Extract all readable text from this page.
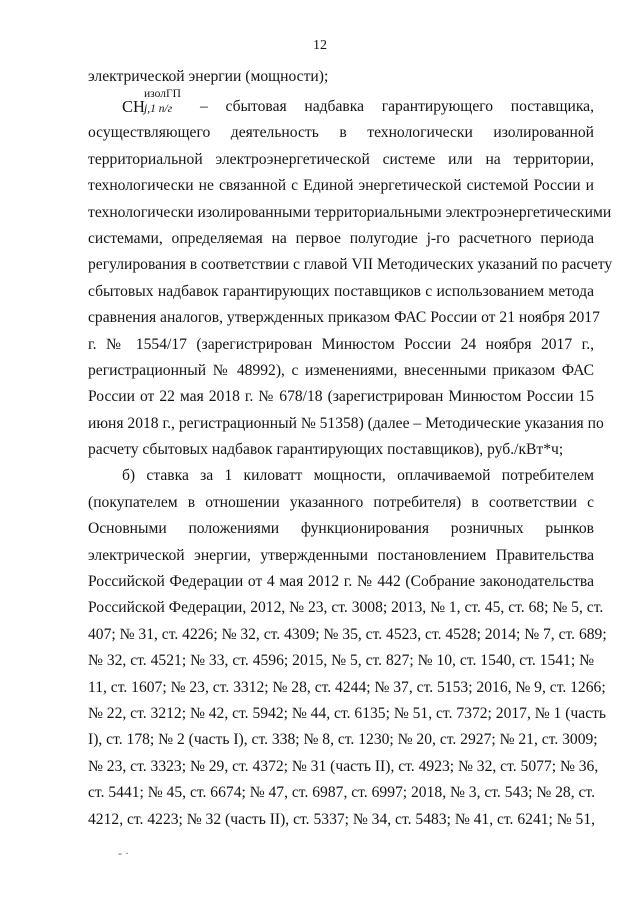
12
электрической энергии (мощности);
СН
изолГП
j,1 п/г – сбытовая надбавка гарантирующего поставщика,
осуществляющего деятельность в технологически изолированной
территориальной электроэнергетической системе или на территории,
технологически не связанной с Единой энергетической системой России и
технологически изолированными территориальными электроэнергетическими
системами, определяемая на первое полугодие j-го расчетного периода
регулирования в соответствии с главой VII Методических указаний по расчету
сбытовых надбавок гарантирующих поставщиков с использованием метода
сравнения аналогов, утвержденных приказом ФАС России от 21 ноября 2017
г. № 1554/17 (зарегистрирован Минюстом России 24 ноября 2017 г.,
регистрационный № 48992), с изменениями, внесенными приказом ФАС
России от 22 мая 2018 г. № 678/18 (зарегистрирован Минюстом России 15
июня 2018 г., регистрационный № 51358) (далее – Методические указания по
расчету сбытовых надбавок гарантирующих поставщиков), руб./кВт*ч;
б) ставка за 1 киловатт мощности, оплачиваемой потребителем
(покупателем в отношении указанного потребителя) в соответствии с
Основными положениями функционирования розничных рынков
электрической энергии, утвержденными постановлением Правительства
Российской Федерации от 4 мая 2012 г. № 442 (Собрание законодательства
Российской Федерации, 2012, № 23, ст. 3008; 2013, № 1, ст. 45, ст. 68; № 5, ст.
407; № 31, ст. 4226; № 32, ст. 4309; № 35, ст. 4523, ст. 4528; 2014; № 7, ст. 689;
№ 32, ст. 4521; № 33, ст. 4596; 2015, № 5, ст. 827; № 10, ст. 1540, ст. 1541; №
11, ст. 1607; № 23, ст. 3312; № 28, ст. 4244; № 37, ст. 5153; 2016, № 9, ст. 1266;
№ 22, ст. 3212; № 42, ст. 5942; № 44, ст. 6135; № 51, ст. 7372; 2017, № 1 (часть
I), ст. 178; № 2 (часть I), ст. 338; № 8, ст. 1230; № 20, ст. 2927; № 21, ст. 3009;
№ 23, ст. 3323; № 29, ст. 4372; № 31 (часть II), ст. 4923; № 32, ст. 5077; № 36,
ст. 5441; № 45, ст. 6674; № 47, ст. 6987, ст. 6997; 2018, № 3, ст. 543; № 28, ст.
4212, ст. 4223; № 32 (часть II), ст. 5337; № 34, ст. 5483; № 41, ст. 6241; № 51,
- ·
